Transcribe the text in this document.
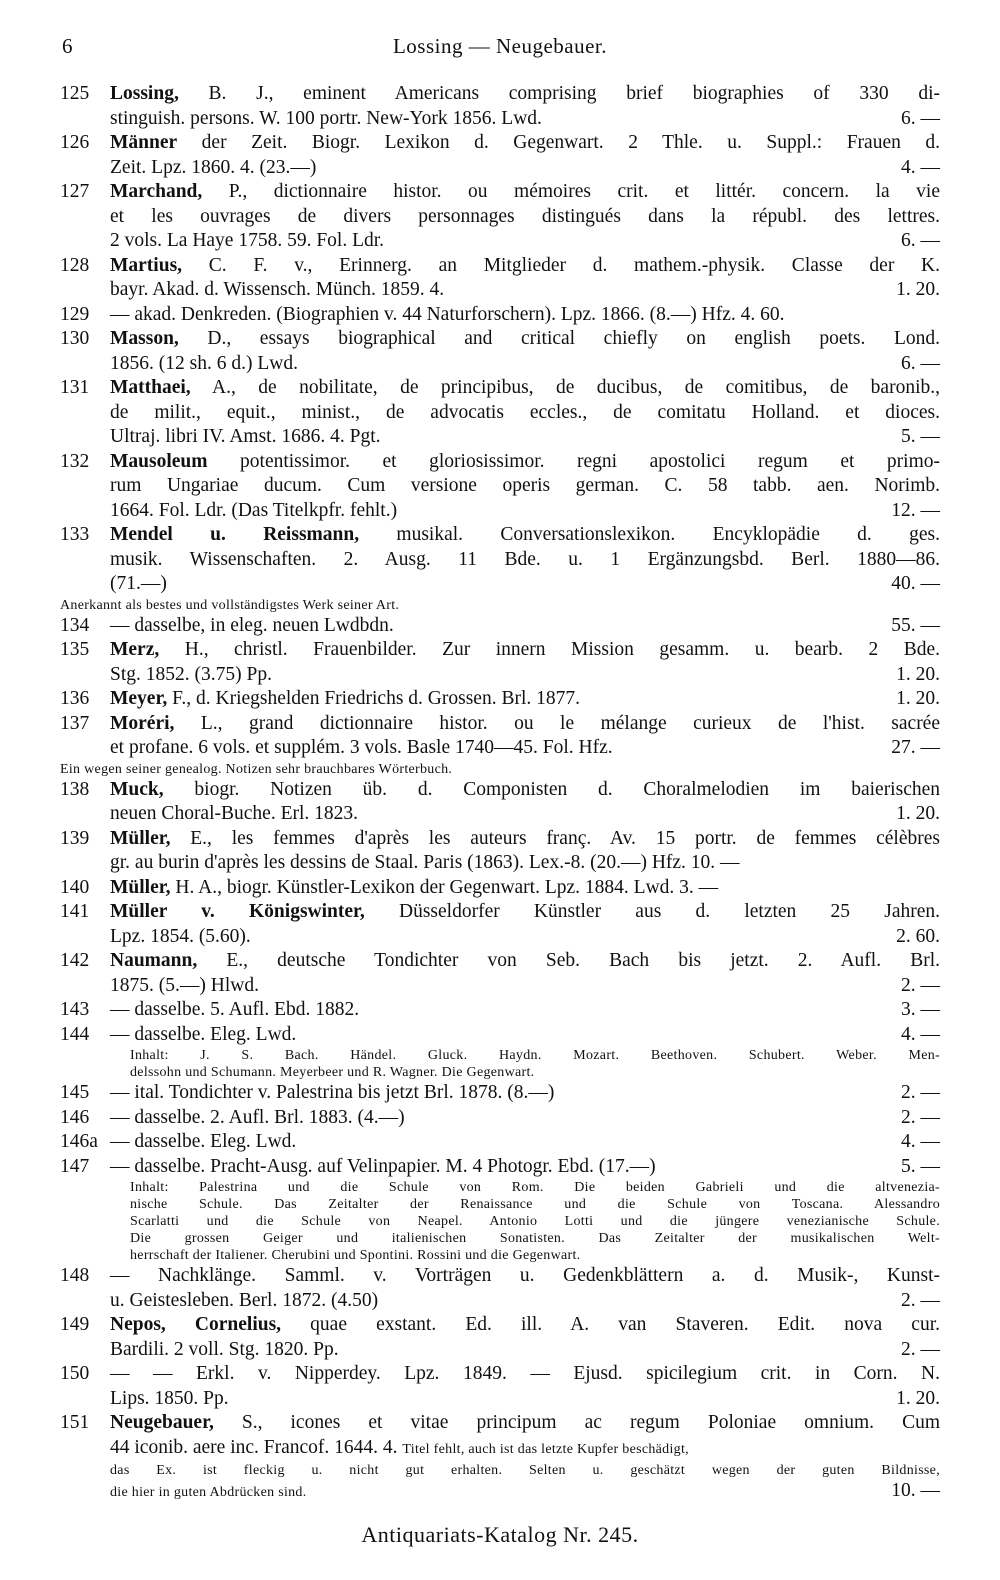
6	Lossing — Neugebauer.
125	Lossing, B. J., eminent Americans comprising brief biographies of 330 di-
stinguish. persons. W. 100 portr. New-York 1856. Lwd.	6. —
126	Männer der Zeit. Biogr. Lexikon d. Gegenwart. 2 Thle. u. Suppl.: Frauen d.
Zeit. Lpz. 1860. 4. (23.—)	4. —
127	Marchand, P., dictionnaire histor. ou mémoires crit. et littér. concern. la vie
et les ouvrages de divers personnages distingués dans la républ. des lettres.
2 vols. La Haye 1758. 59. Fol. Ldr.	6. —
128	Martius, C. F. v., Erinnerg. an Mitglieder d. mathem.-physik. Classe der K.
bayr. Akad. d. Wissensch. Münch. 1859. 4.	1. 20.
129	— akad. Denkreden. (Biographien v. 44 Naturforschern). Lpz. 1866. (8.—) Hfz. 4. 60.
130	Masson, D., essays biographical and critical chiefly on english poets. Lond.
1856. (12 sh. 6 d.) Lwd.	6. —
131	Matthaei, A., de nobilitate, de principibus, de ducibus, de comitibus, de baronib.,
de milit., equit., minist., de advocatis eccles., de comitatu Holland. et dioces.
Ultraj. libri IV. Amst. 1686. 4. Pgt.	5. —
132	Mausoleum potentissimor. et gloriosissimor. regni apostolici regum et primo-
rum Ungariae ducum. Cum versione operis german. C. 58 tabb. aen. Norimb.
1664. Fol. Ldr. (Das Titelkpfr. fehlt.)	12. —
133	Mendel u. Reissmann, musikal. Conversationslexikon. Encyklopädie d. ges.
musik. Wissenschaften. 2. Ausg. 11 Bde. u. 1 Ergänzungsbd. Berl. 1880—86.
(71.—)	40. —
Anerkannt als bestes und vollständigstes Werk seiner Art.
134	— dasselbe, in eleg. neuen Lwdbdn.	55. —
135	Merz, H., christl. Frauenbilder. Zur innern Mission gesamm. u. bearb. 2 Bde.
Stg. 1852. (3.75) Pp.	1. 20.
136	Meyer, F., d. Kriegshelden Friedrichs d. Grossen. Brl. 1877.	1. 20.
137	Moréri, L., grand dictionnaire histor. ou le mélange curieux de l'hist. sacrée
et profane. 6 vols. et supplém. 3 vols. Basle 1740—45. Fol. Hfz.	27. —
Ein wegen seiner genealog. Notizen sehr brauchbares Wörterbuch.
138	Muck, biogr. Notizen üb. d. Componisten d. Choralmelodien im baierischen
neuen Choral-Buche. Erl. 1823.	1. 20.
139	Müller, E., les femmes d'après les auteurs franç. Av. 15 portr. de femmes célèbres
gr. au burin d'après les dessins de Staal. Paris (1863). Lex.-8. (20.—) Hfz. 10. —
140	Müller, H. A., biogr. Künstler-Lexikon der Gegenwart. Lpz. 1884. Lwd. 3. —
141	Müller v. Königswinter, Düsseldorfer Künstler aus d. letzten 25 Jahren.
Lpz. 1854. (5.60).	2. 60.
142	Naumann, E., deutsche Tondichter von Seb. Bach bis jetzt. 2. Aufl. Brl.
1875. (5.—) Hlwd.	2. —
143	— dasselbe. 5. Aufl. Ebd. 1882.	3. —
144	— dasselbe. Eleg. Lwd.	4. —
Inhalt: J. S. Bach. Händel. Gluck. Haydn. Mozart. Beethoven. Schubert. Weber. Men-
delssohn und Schumann. Meyerbeer und R. Wagner. Die Gegenwart.
145	— ital. Tondichter v. Palestrina bis jetzt Brl. 1878. (8.—)	2. —
146	— dasselbe. 2. Aufl. Brl. 1883. (4.—)	2. —
146a — dasselbe. Eleg. Lwd.	4. —
147	— dasselbe. Pracht-Ausg. auf Velinpapier. M. 4 Photogr. Ebd. (17.—)	5. —
Inhalt: Palestrina und die Schule von Rom. Die beiden Gabrieli und die altvenezia-
nische Schule. Das Zeitalter der Renaissance und die Schule von Toscana. Alessandro
Scarlatti und die Schule von Neapel. Antonio Lotti und die jüngere venezianische Schule.
Die grossen Geiger und italienischen Sonatisten. Das Zeitalter der musikalischen Welt-
herrschaft der Italiener. Cherubini und Spontini. Rossini und die Gegenwart.
148	— Nachklänge. Samml. v. Vorträgen u. Gedenkblättern a. d. Musik-, Kunst-
u. Geistesleben. Berl. 1872. (4.50)	2. —
149	Nepos, Cornelius, quae exstant. Ed. ill. A. van Staveren. Edit. nova cur.
Bardili. 2 voll. Stg. 1820. Pp.	2. —
150	— — Erkl. v. Nipperdey. Lpz. 1849. — Ejusd. spicilegium crit. in Corn. N.
Lips. 1850. Pp.	1. 20.
151	Neugebauer, S., icones et vitae principum ac regum Poloniae omnium. Cum
44 iconib. aere inc. Francof. 1644. 4. Titel fehlt, auch ist das letzte Kupfer beschädigt,
das Ex. ist fleckig u. nicht gut erhalten. Selten u. geschätzt wegen der guten Bildnisse,
die hier in guten Abdrücken sind.	10. —
Antiquariats-Katalog Nr. 245.
